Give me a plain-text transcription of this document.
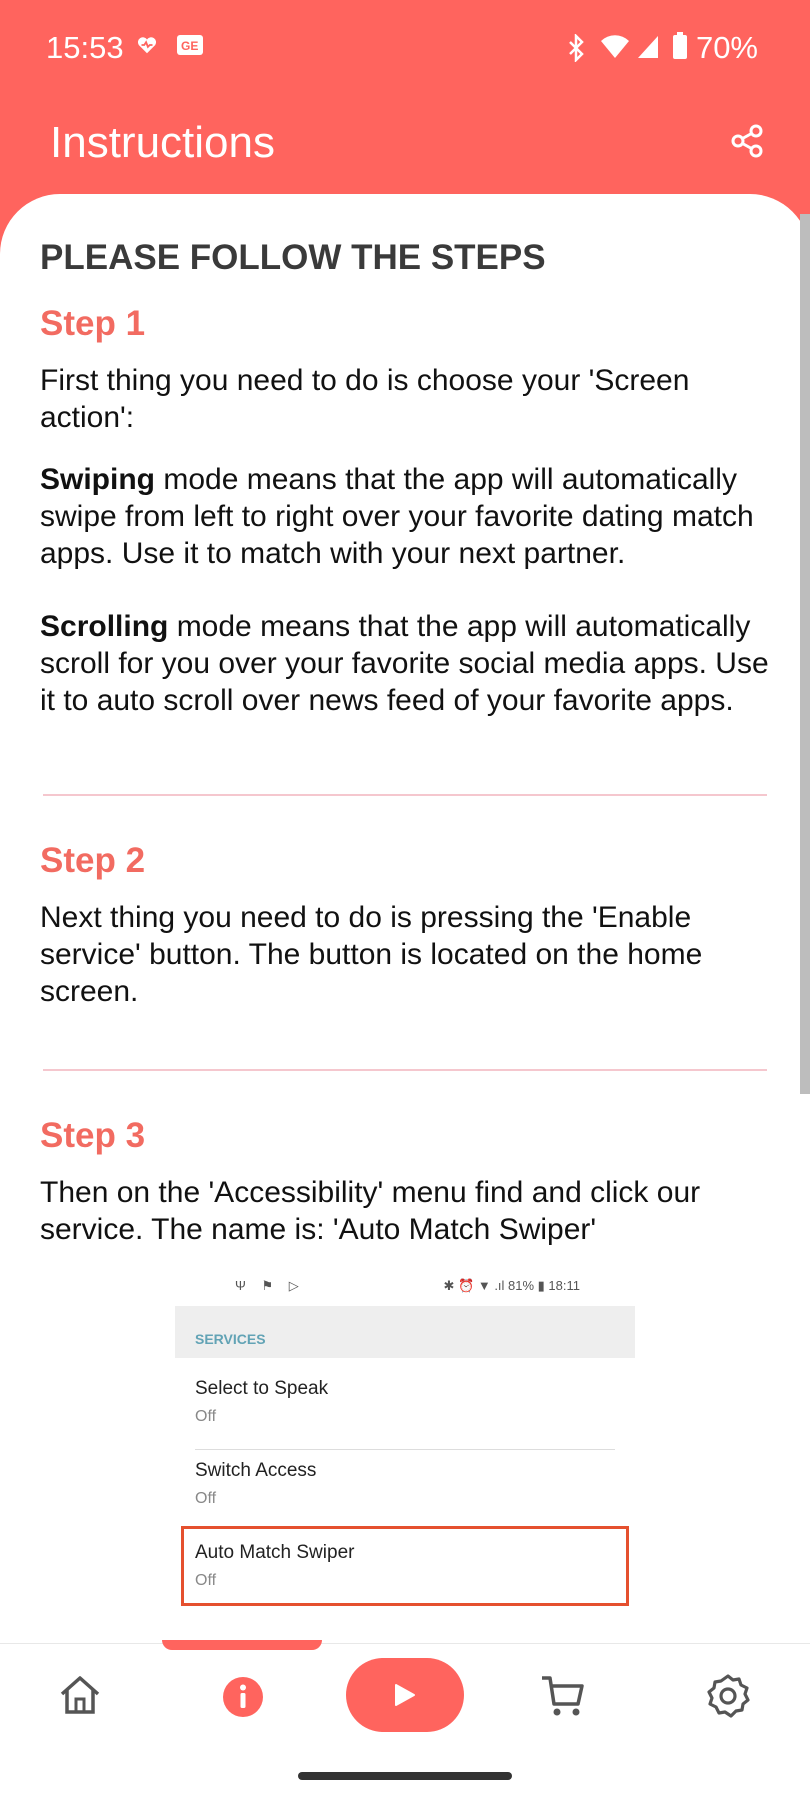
15:53	GE	70%
Instructions
PLEASE FOLLOW THE STEPS
Step 1
First thing you need to do is choose your 'Screen action':
Swiping mode means that the app will automatically swipe from left to right over your favorite dating match apps. Use it to match with your next partner.
Scrolling mode means that the app will automatically scroll for you over your favorite social media apps. Use it to auto scroll over news feed of your favorite apps.
Step 2
Next thing you need to do is pressing the 'Enable service' button. The button is located on the home screen.
Step 3
Then on the 'Accessibility' menu find and click our service. The name is: 'Auto Match Swiper'
Ψ ⚑ ▷	✱ ⏰ ▼ .ıl 81% ▮ 18:11
SERVICES
Select to Speak
Off
Switch Access
Off
Auto Match Swiper
Off
